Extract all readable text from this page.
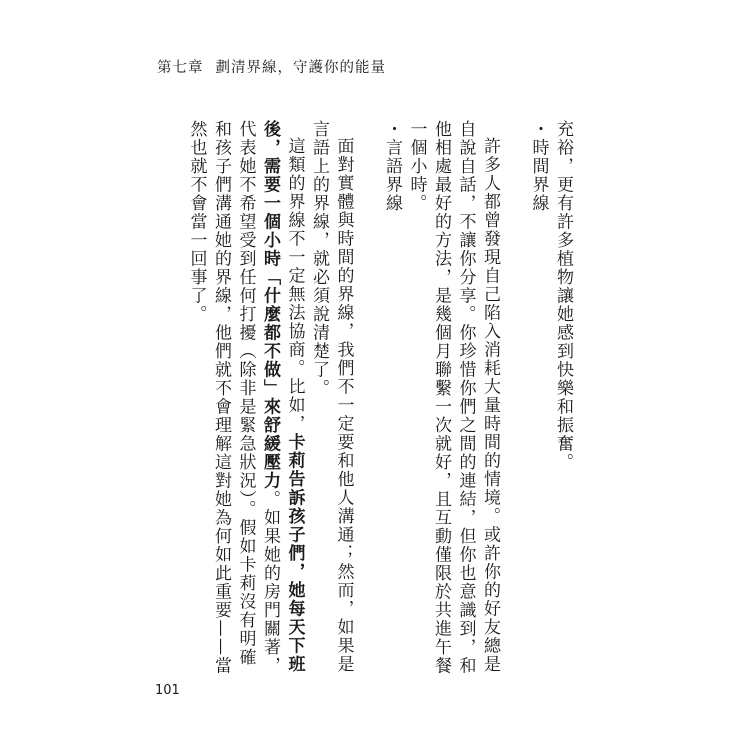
第七章 劃清界線，守護你的能量

充裕，更有許多植物讓她感到快樂和振奮。

・時間界線

許多人都曾發現自己陷入消耗大量時間的情境。或許你的好友總是自說自話，不讓你分享。你珍惜你們之間的連結，但你也意識到，和他相處最好的方法，是幾個月聯繫一次就好，且互動僅限於共進午餐一個小時。

・言語界線

面對實體與時間的界線，我們不一定要和他人溝通；然而，如果是言語上的界線，就必須說清楚了。

這類的界線不一定無法協商。比如，卡莉告訴孩子們，她每天下班後，需要一個小時「什麼都不做」來舒緩壓力。如果她的房門關著，代表她不希望受到任何打擾（除非是緊急狀況）。假如卡莉沒有明確和孩子們溝通她的界線，他們就不會理解這對她為何如此重要——當然也就不會當一回事了。

101
